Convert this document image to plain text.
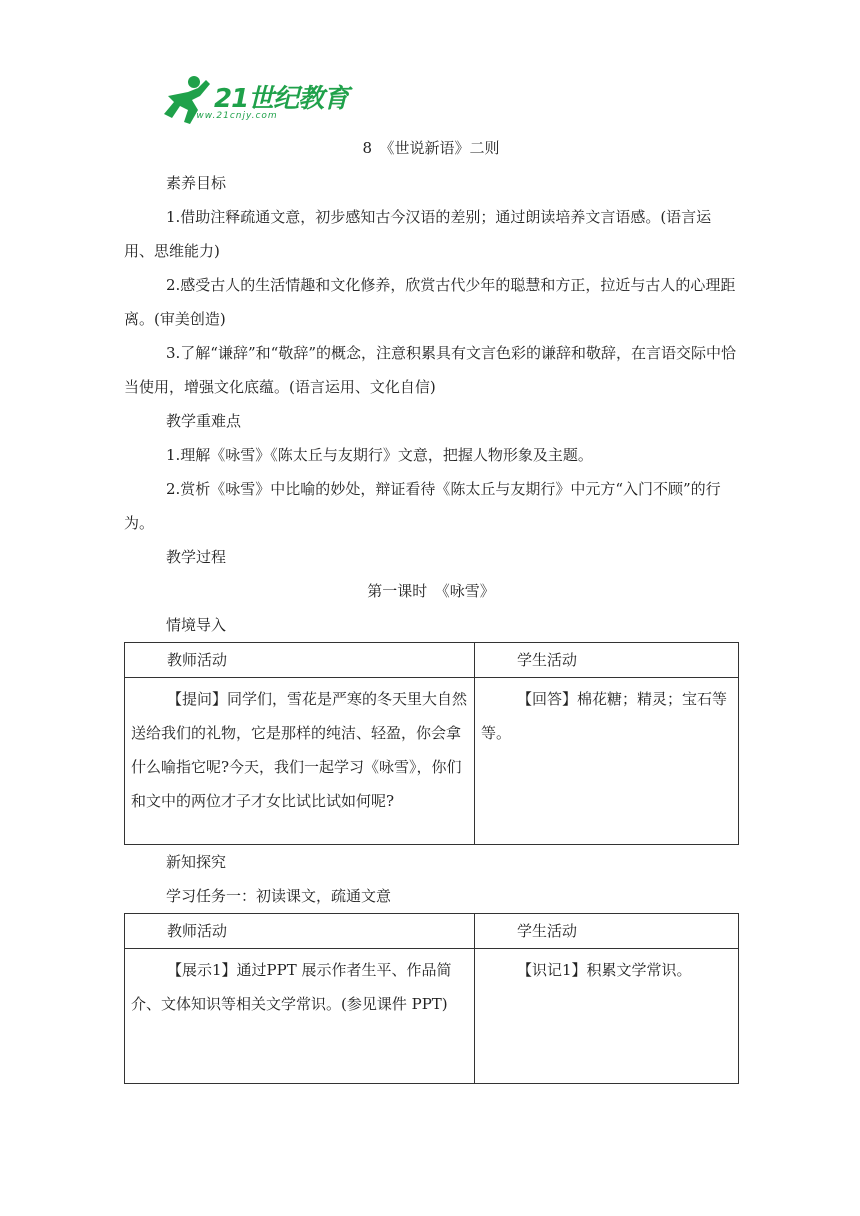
21世纪教育
www.21cnjy.com
8　《世说新语》二则
素养目标

1.借助注释疏通文意，初步感知古今汉语的差别；通过朗读培养文言语感。(语言运用、思维能力)

2.感受古人的生活情趣和文化修养，欣赏古代少年的聪慧和方正，拉近与古人的心理距离。(审美创造)

3.了解“谦辞”和“敬辞”的概念，注意积累具有文言色彩的谦辞和敬辞，在言语交际中恰当使用，增强文化底蕴。(语言运用、文化自信)

教学重难点

1.理解《咏雪》《陈太丘与友期行》文意，把握人物形象及主题。

2.赏析《咏雪》中比喻的妙处，辩证看待《陈太丘与友期行》中元方“入门不顾”的行为。

教学过程
第一课时　《咏雪》
情境导入
教师活动	学生活动

【提问】同学们，雪花是严寒的冬天里大自然送给我们的礼物，它是那样的纯洁、轻盈，你会拿什么喻指它呢?今天，我们一起学习《咏雪》，你们和文中的两位才子才女比试比试如何呢?	【回答】棉花糖；精灵；宝石等等。
新知探究
学习任务一：初读课文，疏通文意
教师活动	学生活动

【展示1】通过PPT 展示作者生平、作品简介、文体知识等相关文学常识。(参见课件 PPT)	【识记1】积累文学常识。
